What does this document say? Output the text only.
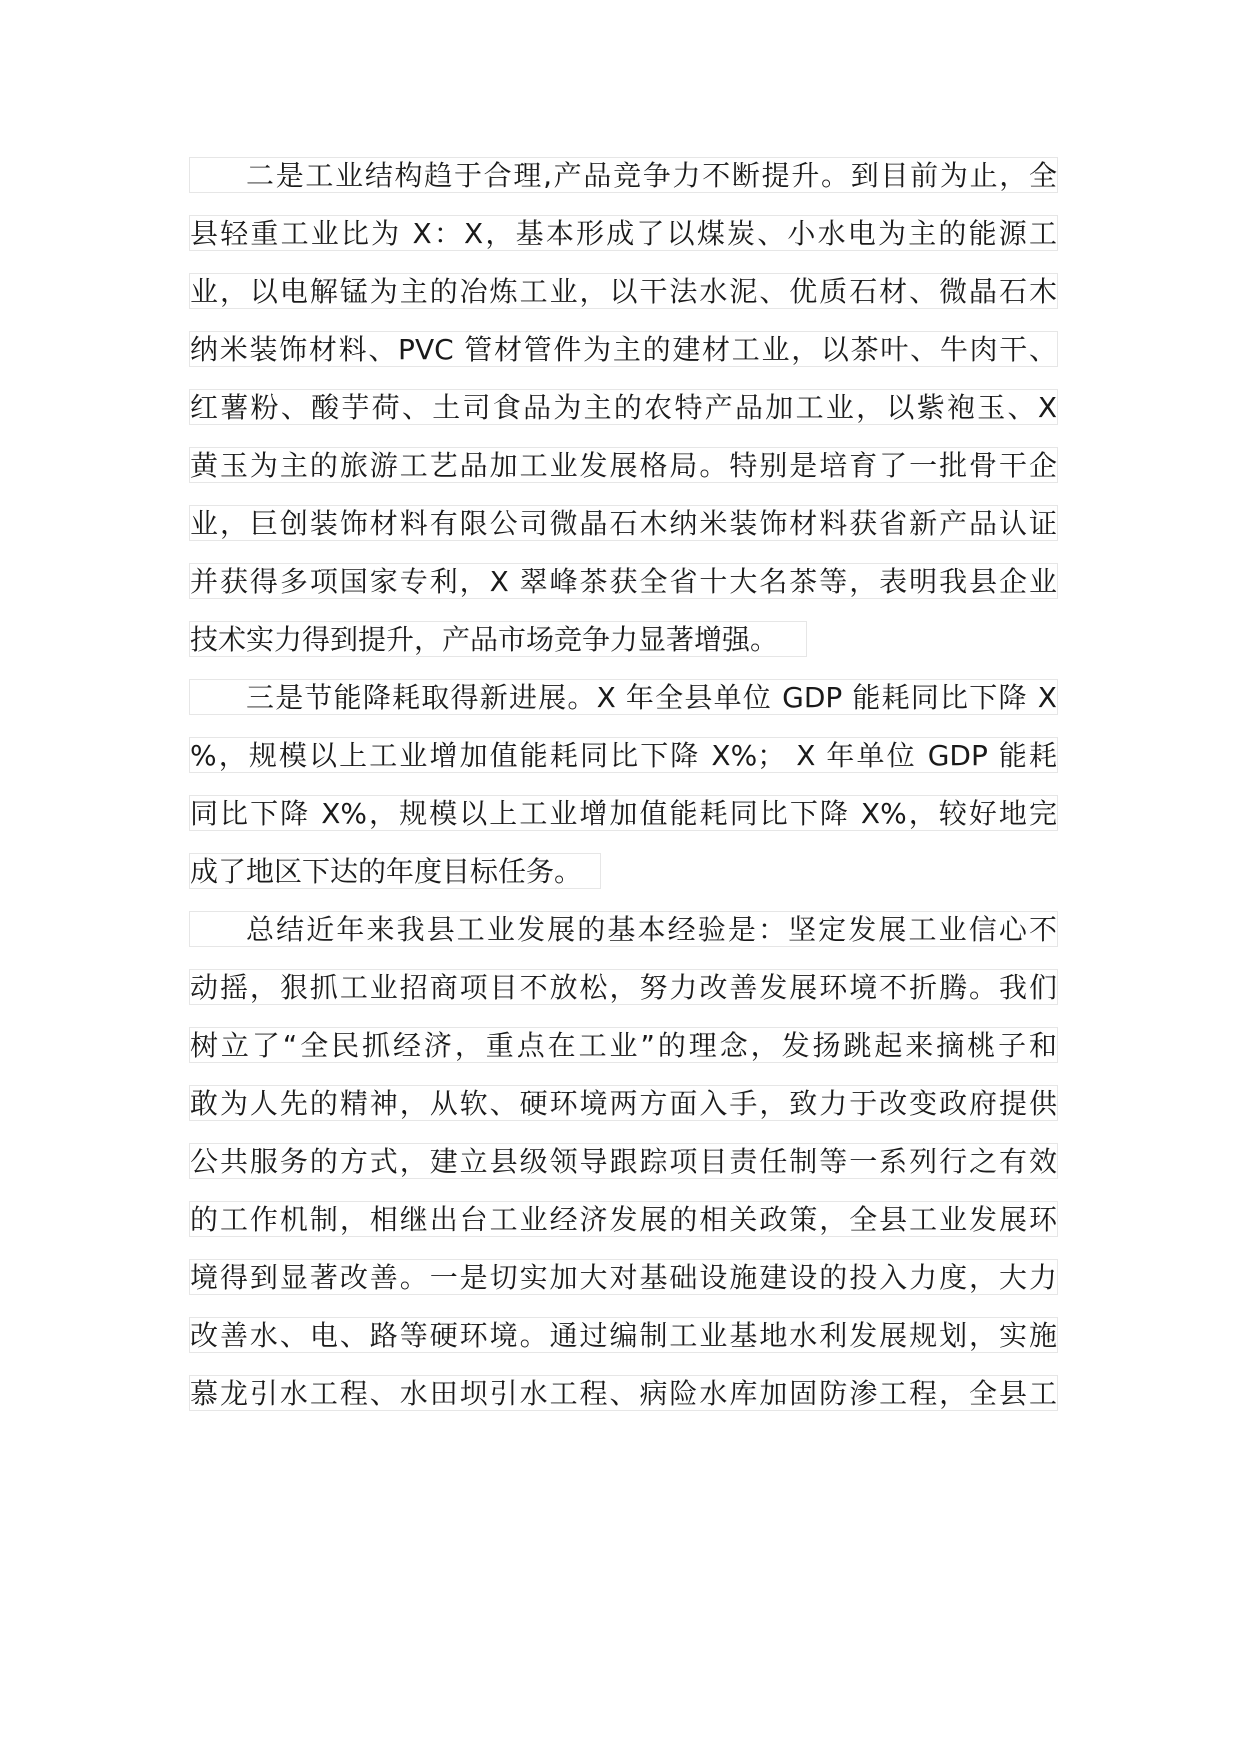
二是工业结构趋于合理,产品竞争力不断提升。到目前为止，全
县轻重工业比为 X：X，基本形成了以煤炭、小水电为主的能源工
业，以电解锰为主的冶炼工业，以干法水泥、优质石材、微晶石木
纳米装饰材料、PVC 管材管件为主的建材工业，以茶叶、牛肉干、
红薯粉、酸芋荷、土司食品为主的农特产品加工业，以紫袍玉、X
黄玉为主的旅游工艺品加工业发展格局。特别是培育了一批骨干企
业，巨创装饰材料有限公司微晶石木纳米装饰材料获省新产品认证
并获得多项国家专利，X 翠峰茶获全省十大名茶等，表明我县企业
技术实力得到提升，产品市场竞争力显著增强。
三是节能降耗取得新进展。X 年全县单位 GDP 能耗同比下降 X
%，规模以上工业增加值能耗同比下降 X%； X 年单位 GDP 能耗
同比下降 X%，规模以上工业增加值能耗同比下降 X%，较好地完
成了地区下达的年度目标任务。
总结近年来我县工业发展的基本经验是：坚定发展工业信心不
动摇，狠抓工业招商项目不放松，努力改善发展环境不折腾。我们
树立了“全民抓经济，重点在工业”的理念，发扬跳起来摘桃子和
敢为人先的精神，从软、硬环境两方面入手，致力于改变政府提供
公共服务的方式，建立县级领导跟踪项目责任制等一系列行之有效
的工作机制，相继出台工业经济发展的相关政策，全县工业发展环
境得到显著改善。一是切实加大对基础设施建设的投入力度，大力
改善水、电、路等硬环境。通过编制工业基地水利发展规划，实施
慕龙引水工程、水田坝引水工程、病险水库加固防渗工程，全县工
